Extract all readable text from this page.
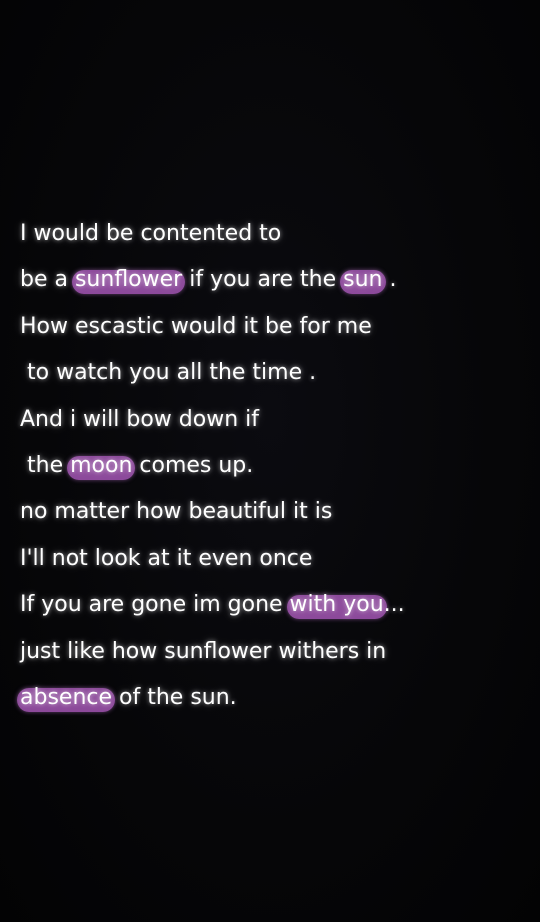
I would be contented to
be a sunflower if you are the sun .
How escastic would it be for me
to watch you all the time .
And i will bow down if
the moon comes up.
no matter how beautiful it is
I'll not look at it even once
If you are gone im gone with you...
just like how sunflower withers in
absence of the sun.
